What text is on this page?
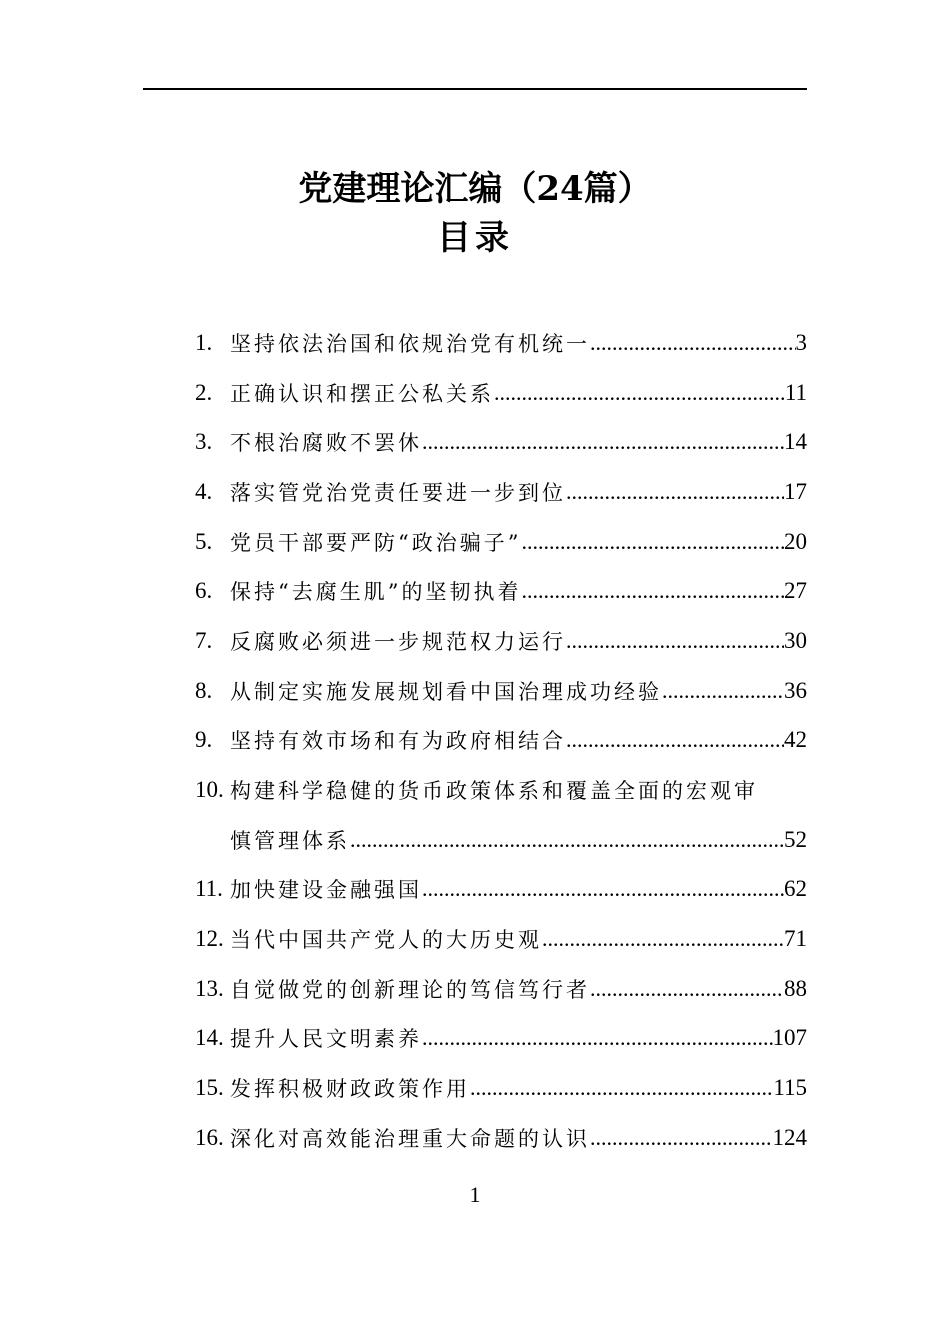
党建理论汇编（24篇）
目录
1. 坚持依法治国和依规治党有机统一 .....	3
2. 正确认识和摆正公私关系 .....	11
3. 不根治腐败不罢休 .....	14
4. 落实管党治党责任要进一步到位 .....	17
5. 党员干部要严防“政治骗子” .....	20
6. 保持“去腐生肌”的坚韧执着 .....	27
7. 反腐败必须进一步规范权力运行 .....	30
8. 从制定实施发展规划看中国治理成功经验 .....	36
9. 坚持有效市场和有为政府相结合 .....	42
10. 构建科学稳健的货币政策体系和覆盖全面的宏观审
慎管理体系 .....	52
11. 加快建设金融强国 .....	62
12. 当代中国共产党人的大历史观 .....	71
13. 自觉做党的创新理论的笃信笃行者 .....	88
14. 提升人民文明素养 .....	107
15. 发挥积极财政政策作用 .....	115
16. 深化对高效能治理重大命题的认识 .....	124
1
